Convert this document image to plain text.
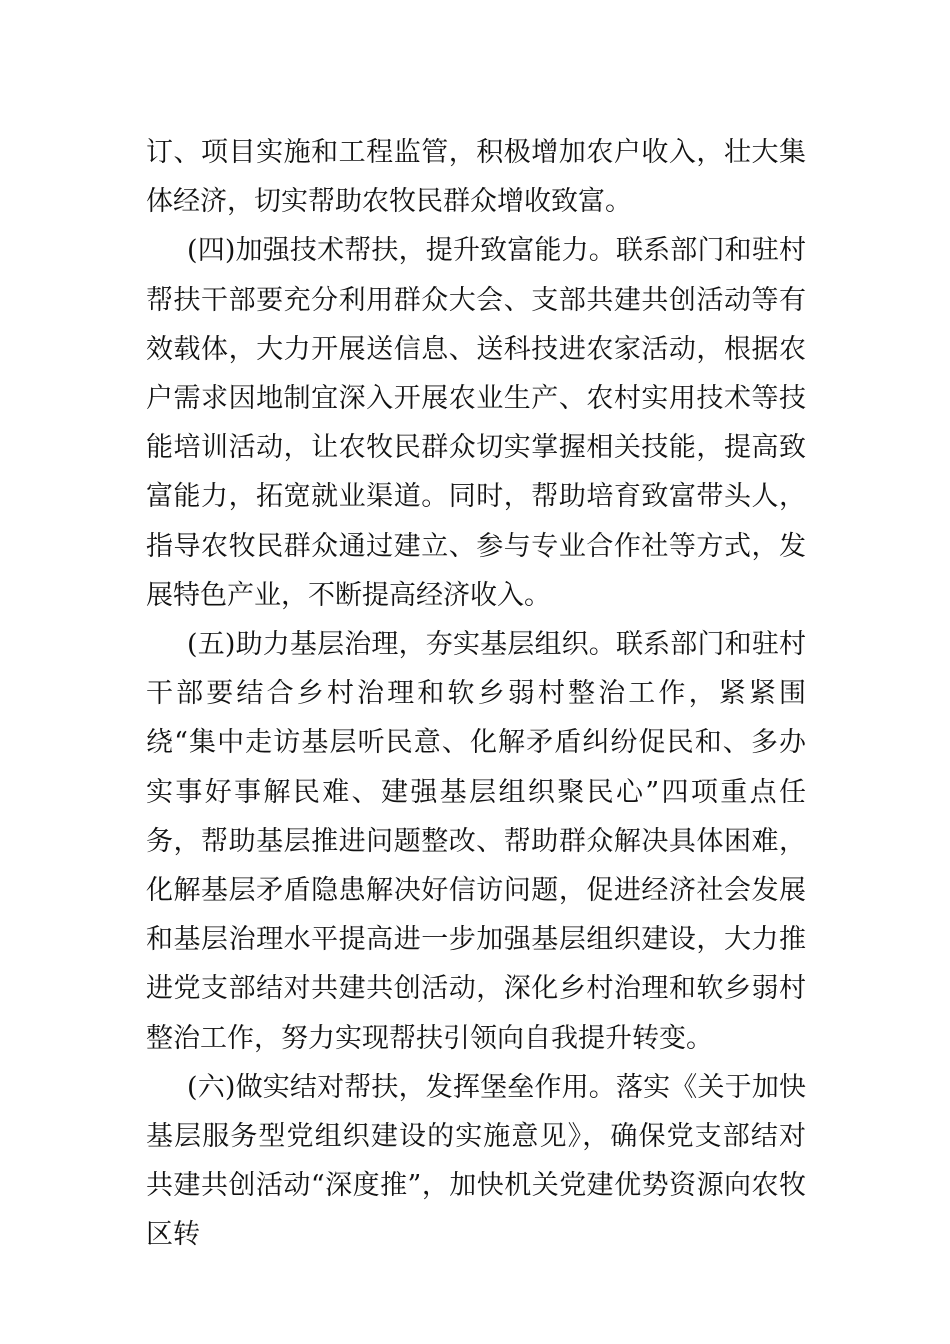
订、项目实施和工程监管，积极增加农户收入，壮大集体经济，切实帮助农牧民群众增收致富。

(四)加强技术帮扶，提升致富能力。联系部门和驻村帮扶干部要充分利用群众大会、支部共建共创活动等有效载体，大力开展送信息、送科技进农家活动，根据农户需求因地制宜深入开展农业生产、农村实用技术等技能培训活动，让农牧民群众切实掌握相关技能，提高致富能力，拓宽就业渠道。同时，帮助培育致富带头人，指导农牧民群众通过建立、参与专业合作社等方式，发展特色产业，不断提高经济收入。

(五)助力基层治理，夯实基层组织。联系部门和驻村干部要结合乡村治理和软乡弱村整治工作，紧紧围绕“集中走访基层听民意、化解矛盾纠纷促民和、多办实事好事解民难、建强基层组织聚民心”四项重点任务，帮助基层推进问题整改、帮助群众解决具体困难，化解基层矛盾隐患解决好信访问题，促进经济社会发展和基层治理水平提高进一步加强基层组织建设，大力推进党支部结对共建共创活动，深化乡村治理和软乡弱村整治工作，努力实现帮扶引领向自我提升转变。

(六)做实结对帮扶，发挥堡垒作用。落实《关于加快基层服务型党组织建设的实施意见》，确保党支部结对共建共创活动“深度推”，加快机关党建优势资源向农牧区转
